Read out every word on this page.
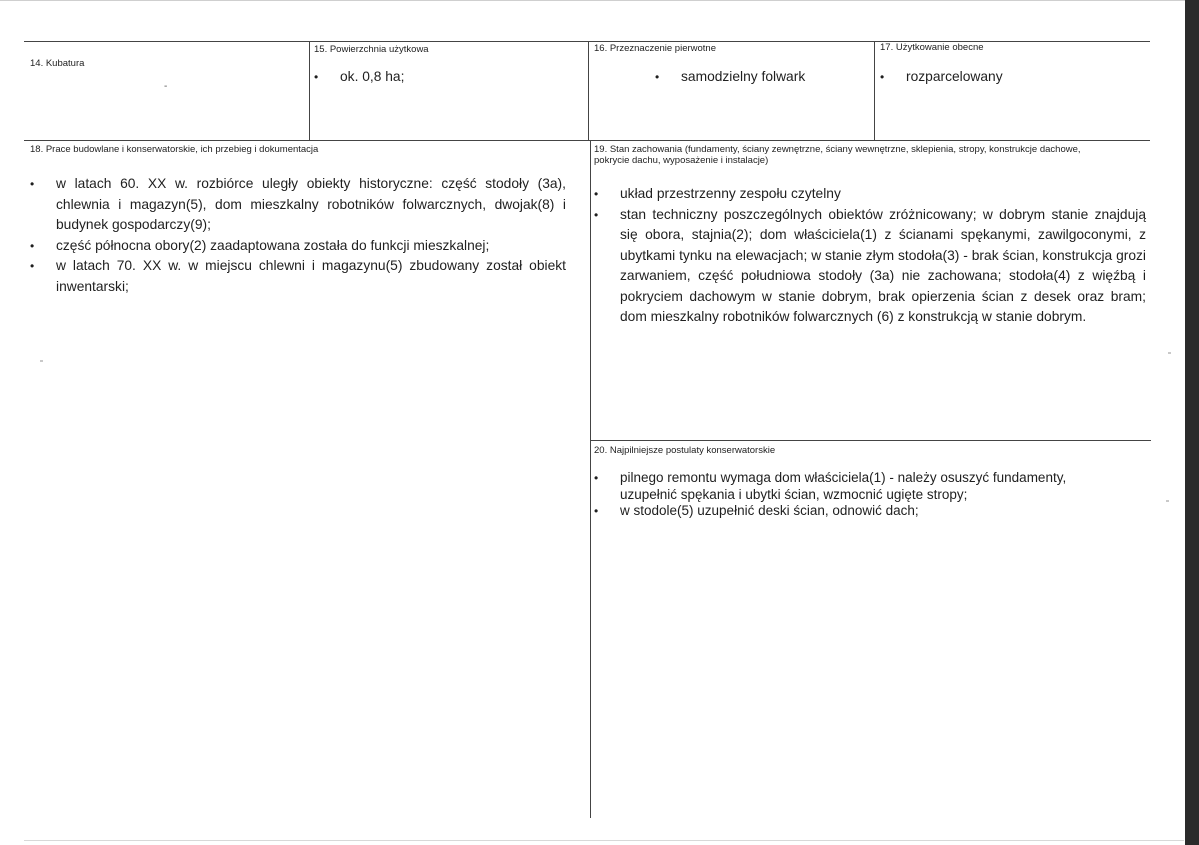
14. Kubatura
-
15. Powierzchnia użytkowa
• ok. 0,8 ha;
16. Przeznaczenie pierwotne
• samodzielny folwark
17. Użytkowanie obecne
• rozparcelowany
18. Prace budowlane i konserwatorskie, ich przebieg i dokumentacja
• w latach 60. XX w. rozbiórce uległy obiekty historyczne: część stodoły (3a), chlewnia i magazyn(5), dom mieszkalny robotników folwarcznych, dwojak(8) i budynek gospodarczy(9);
• część północna obory(2) zaadaptowana została do funkcji mieszkalnej;
• w latach 70. XX w. w miejscu chlewni i magazynu(5) zbudowany został obiekt inwentarski;
19. Stan zachowania (fundamenty, ściany zewnętrzne, ściany wewnętrzne, sklepienia, stropy, konstrukcje dachowe, pokrycie dachu, wyposażenie i instalacje)
• układ przestrzenny zespołu czytelny
• stan techniczny poszczególnych obiektów zróżnicowany; w dobrym stanie znajdują się obora, stajnia(2); dom właściciela(1) z ścianami spękanymi, zawilgoconymi, z ubytkami tynku na elewacjach; w stanie złym stodoła(3) - brak ścian, konstrukcja grozi zarwaniem, część południowa stodoły (3a) nie zachowana; stodoła(4) z więźbą i pokryciem dachowym w stanie dobrym, brak opierzenia ścian z desek oraz bram; dom mieszkalny robotników folwarcznych (6) z konstrukcją w stanie dobrym.
20. Najpilniejsze postulaty konserwatorskie
• pilnego remontu wymaga dom właściciela(1) - należy osuszyć fundamenty, uzupełnić spękania i ubytki ścian, wzmocnić ugięte stropy;
• w stodole(5) uzupełnić deski ścian, odnowić dach;
